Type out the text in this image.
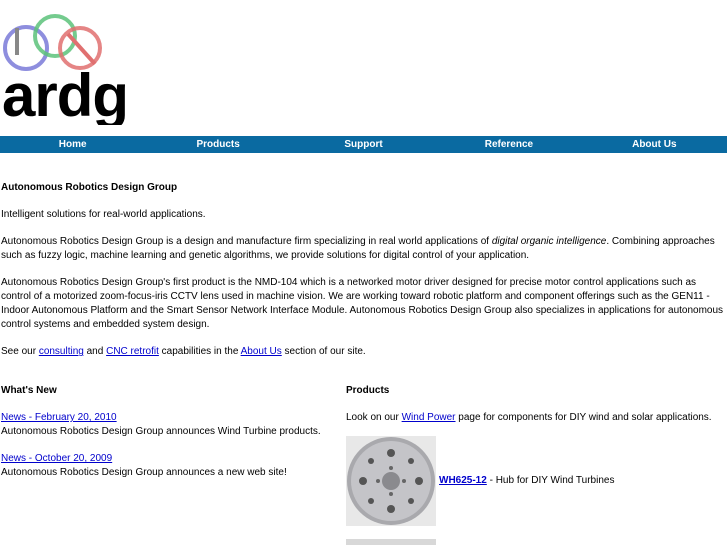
ardg
Home	Products	Support	Reference	About Us

Autonomous Robotics Design Group

Intelligent solutions for real-world applications.

Autonomous Robotics Design Group is a design and manufacture firm specializing in real world applications of digital organic intelligence. Combining approaches such as fuzzy logic, machine learning and genetic algorithms, we provide solutions for digital control of your application.

Autonomous Robotics Design Group's first product is the NMD-104 which is a networked motor driver designed for precise motor control applications such as control of a motorized zoom-focus-iris CCTV lens used in machine vision. We are working toward robotic platform and component offerings such as the GEN11 - Indoor Autonomous Platform and the Smart Sensor Network Interface Module. Autonomous Robotics Design Group also specializes in applications for autonomous control systems and embedded system design.

See our consulting and CNC retrofit capabilities in the About Us section of our site.

What's New

News - February 20, 2010
Autonomous Robotics Design Group announces Wind Turbine products.

News - October 20, 2009
Autonomous Robotics Design Group announces a new web site!

Products

Look on our Wind Power page for components for DIY wind and solar applications.

WH625-12 - Hub for DIY Wind Turbines
